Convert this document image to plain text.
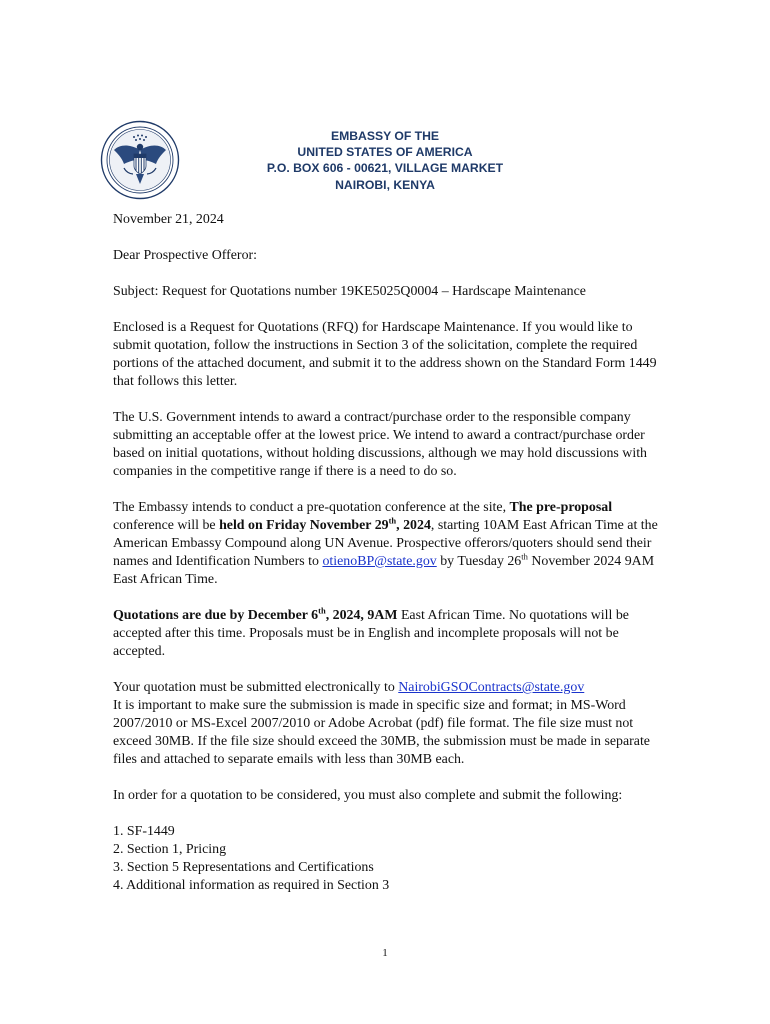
EMBASSY OF THE
UNITED STATES OF AMERICA
P.O. BOX 606 - 00621, VILLAGE MARKET
NAIROBI, KENYA

November 21, 2024

Dear Prospective Offeror:

Subject: Request for Quotations number 19KE5025Q0004 – Hardscape Maintenance

Enclosed is a Request for Quotations (RFQ) for Hardscape Maintenance. If you would like to submit quotation, follow the instructions in Section 3 of the solicitation, complete the required portions of the attached document, and submit it to the address shown on the Standard Form 1449 that follows this letter.

The U.S. Government intends to award a contract/purchase order to the responsible company submitting an acceptable offer at the lowest price. We intend to award a contract/purchase order based on initial quotations, without holding discussions, although we may hold discussions with companies in the competitive range if there is a need to do so.

The Embassy intends to conduct a pre-quotation conference at the site, The pre-proposal conference will be held on Friday November 29th, 2024, starting 10AM East African Time at the American Embassy Compound along UN Avenue. Prospective offerors/quoters should send their names and Identification Numbers to otienoBP@state.gov by Tuesday 26th November 2024 9AM East African Time.

Quotations are due by December 6th, 2024, 9AM East African Time. No quotations will be accepted after this time. Proposals must be in English and incomplete proposals will not be accepted.

Your quotation must be submitted electronically to NairobiGSOContracts@state.gov
It is important to make sure the submission is made in specific size and format; in MS-Word 2007/2010 or MS-Excel 2007/2010 or Adobe Acrobat (pdf) file format. The file size must not exceed 30MB. If the file size should exceed the 30MB, the submission must be made in separate files and attached to separate emails with less than 30MB each.

In order for a quotation to be considered, you must also complete and submit the following:

1. SF-1449
2. Section 1, Pricing
3. Section 5 Representations and Certifications
4. Additional information as required in Section 3
1
